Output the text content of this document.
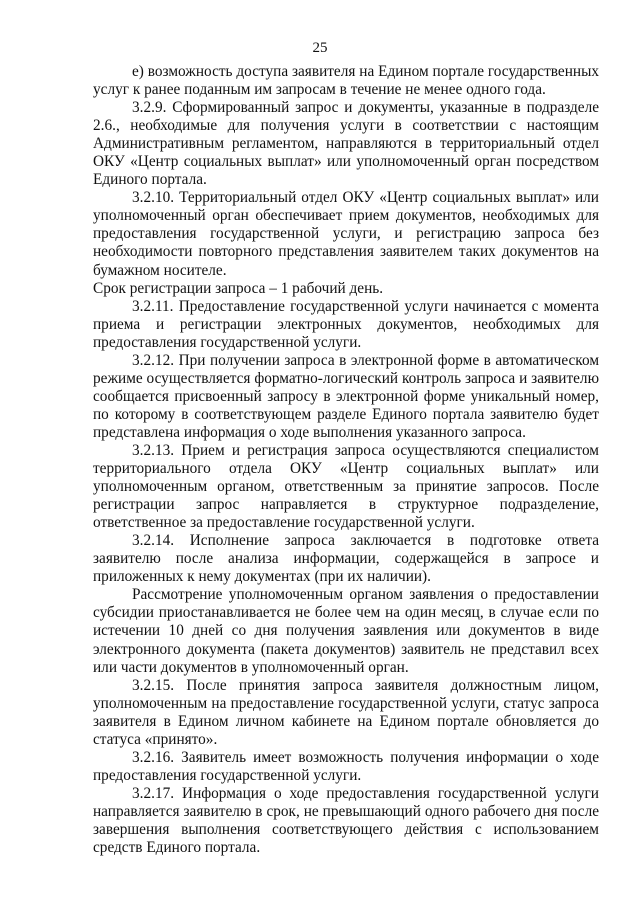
25

е) возможность доступа заявителя на Едином портале государственных услуг к ранее поданным им запросам в течение не менее одного года.

3.2.9. Сформированный запрос и документы, указанные в подразделе 2.6., необходимые для получения услуги в соответствии с настоящим Административным регламентом, направляются в территориальный отдел ОКУ «Центр социальных выплат» или уполномоченный орган посредством Единого портала.

3.2.10. Территориальный отдел ОКУ «Центр социальных выплат» или уполномоченный орган обеспечивает прием документов, необходимых для предоставления государственной услуги, и регистрацию запроса без необходимости повторного представления заявителем таких документов на бумажном носителе.

Срок регистрации запроса – 1 рабочий день.

3.2.11. Предоставление государственной услуги начинается с момента приема и регистрации электронных документов, необходимых для предоставления государственной услуги.

3.2.12. При получении запроса в электронной форме в автоматическом режиме осуществляется форматно-логический контроль запроса и заявителю сообщается присвоенный запросу в электронной форме уникальный номер, по которому в соответствующем разделе Единого портала заявителю будет представлена информация о ходе выполнения указанного запроса.

3.2.13. Прием и регистрация запроса осуществляются специалистом территориального отдела ОКУ «Центр социальных выплат» или уполномоченным органом, ответственным за принятие запросов. После регистрации запрос направляется в структурное подразделение, ответственное за предоставление государственной услуги.

3.2.14. Исполнение запроса заключается в подготовке ответа заявителю после анализа информации, содержащейся в запросе и приложенных к нему документах (при их наличии).

Рассмотрение уполномоченным органом заявления о предоставлении субсидии приостанавливается не более чем на один месяц, в случае если по истечении 10 дней со дня получения заявления или документов в виде электронного документа (пакета документов) заявитель не представил всех или части документов в уполномоченный орган.

3.2.15. После принятия запроса заявителя должностным лицом, уполномоченным на предоставление государственной услуги, статус запроса заявителя в Едином личном кабинете на Едином портале обновляется до статуса «принято».

3.2.16. Заявитель имеет возможность получения информации о ходе предоставления государственной услуги.

3.2.17. Информация о ходе предоставления государственной услуги направляется заявителю в срок, не превышающий одного рабочего дня после завершения выполнения соответствующего действия с использованием средств Единого портала.
